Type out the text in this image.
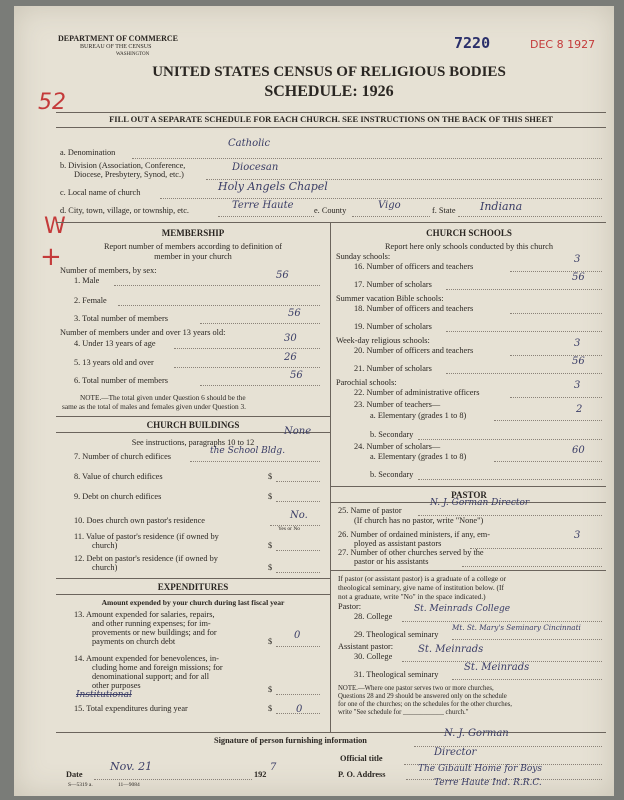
DEPARTMENT OF COMMERCE
BUREAU OF THE CENSUS
WASHINGTON
7220	DEC 8 1927
UNITED STATES CENSUS OF RELIGIOUS BODIES
SCHEDULE: 1926
52
FILL OUT A SEPARATE SCHEDULE FOR EACH CHURCH. SEE INSTRUCTIONS ON THE BACK OF THIS SHEET
W
+
a. Denomination
Catholic
b. Division (Association, Conference,
Diocese, Presbytery, Synod, etc.)
Diocesan
c. Local name of church	Holy Angels Chapel
d. City, town, village, or township, etc.	Terre Haute e. County	Vigo	f. State Indiana
MEMBERSHIP
Report number of members according to definition of
member in your church
Number of members, by sex:
1. Male	56
2. Female
3. Total number of members	56
Number of members under and over 13 years old:
4. Under 13 years of age	30
5. 13 years old and over	26
6. Total number of members	56
NOTE.—The total given under Question 6 should be the
same as the total of males and females given under Question 3.
CHURCH BUILDINGS
See instructions, paragraphs 10 to 12
7. Number of church edifices
the School Bldg.
None
8. Value of church edifices	$
9. Debt on church edifices	$
10. Does church own pastor's residence	No.
Yes or No
11. Value of pastor's residence (if owned by
church)	$
12. Debt on pastor's residence (if owned by
church)	$
EXPENDITURES
Amount expended by your church during last fiscal year
13. Amount expended for salaries, repairs,
and other running expenses; for im-
provements or new buildings; and for
payments on church debt	$
0
14. Amount expended for benevolences, in-
cluding home and foreign missions; for
denominational support; and for all
other purposes	$
Institutional
15. Total expenditures during year	$ 0
CHURCH SCHOOLS
Report here only schools conducted by this church
Sunday schools:
16. Number of officers and teachers
3
17. Number of scholars
56
Summer vacation Bible schools:
18. Number of officers and teachers
19. Number of scholars
Week-day religious schools:
20. Number of officers and teachers
3
21. Number of scholars
56
Parochial schools:
22. Number of administrative officers
3
23. Number of teachers—
a. Elementary (grades 1 to 8)
2
b. Secondary
24. Number of scholars—
a. Elementary (grades 1 to 8)
60
b. Secondary
PASTOR
25. Name of pastor
N. J. Gorman Director
(If church has no pastor, write "None")
26. Number of ordained ministers, if any, em-
ployed as assistant pastors
3
27. Number of other churches served by the
pastor or his assistants
If pastor (or assistant pastor) is a graduate of a college or
theological seminary, give name of institution below. (If
not a graduate, write "No" in the space indicated.)
Pastor:
28. College
St. Meinrads College
29. Theological seminary
Mt. St. Mary's Seminary Cincinnati
Assistant pastor:
30. College
St. Meinrads
31. Theological seminary
St. Meinrads
NOTE.—Where one pastor serves two or more churches,
Questions 28 and 29 should be answered only on the schedule
for one of the churches; on the schedules for the other churches,
write "See schedule for ____________ church."
Signature of person furnishing information
N. J. Gorman
Official title
Director
Date
Nov. 21
192
7
P. O. Address
The Gibault Home for Boys
Terre Haute Ind. R.R.C.
S—5319 a.	11—9084
